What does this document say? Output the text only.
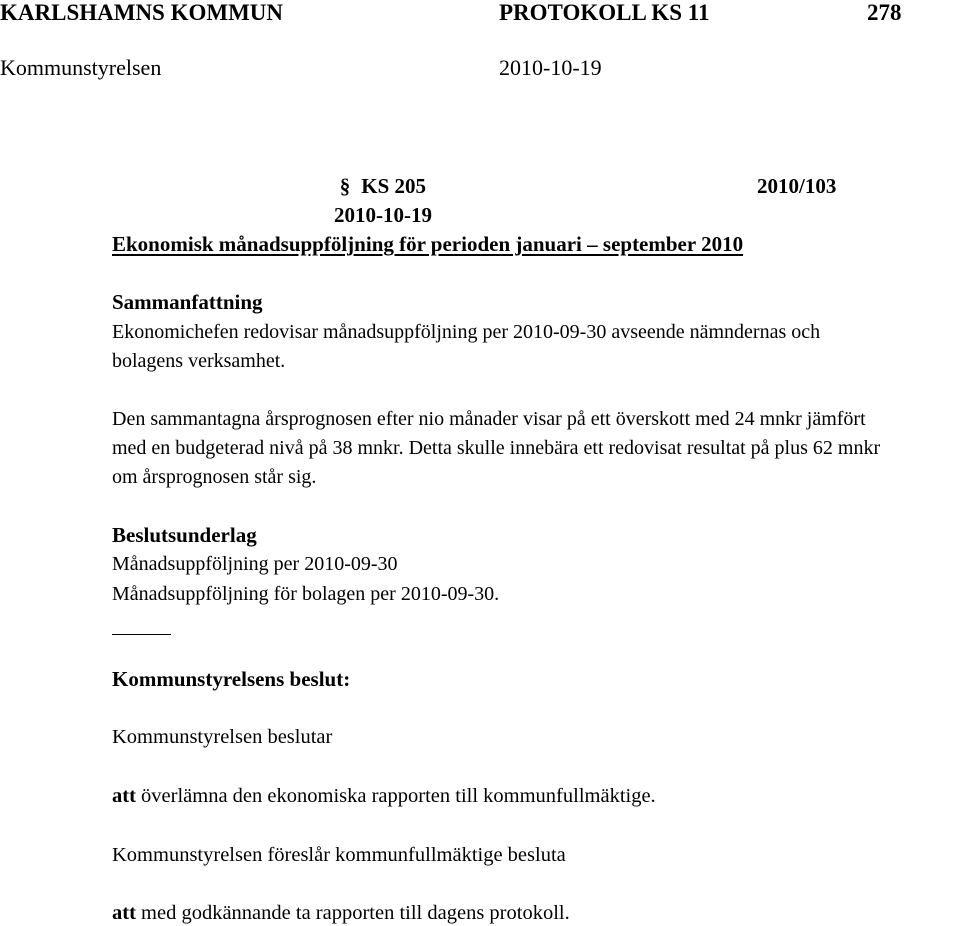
KARLSHAMNS KOMMUN	PROTOKOLL KS 11	278
Kommunstyrelsen	2010-10-19
§ KS 205	2010/103
2010-10-19
Ekonomisk månadsuppföljning för perioden januari – september 2010
Sammanfattning
Ekonomichefen redovisar månadsuppföljning per 2010-09-30 avseende nämndernas och
bolagens verksamhet.
Den sammantagna årsprognosen efter nio månader visar på ett överskott med 24 mnkr jämfört
med en budgeterad nivå på 38 mnkr. Detta skulle innebära ett redovisat resultat på plus 62 mnkr
om årsprognosen står sig.
Beslutsunderlag
Månadsuppföljning per 2010-09-30
Månadsuppföljning för bolagen per 2010-09-30.
Kommunstyrelsens beslut:
Kommunstyrelsen beslutar
att överlämna den ekonomiska rapporten till kommunfullmäktige.
Kommunstyrelsen föreslår kommunfullmäktige besluta
att med godkännande ta rapporten till dagens protokoll.
